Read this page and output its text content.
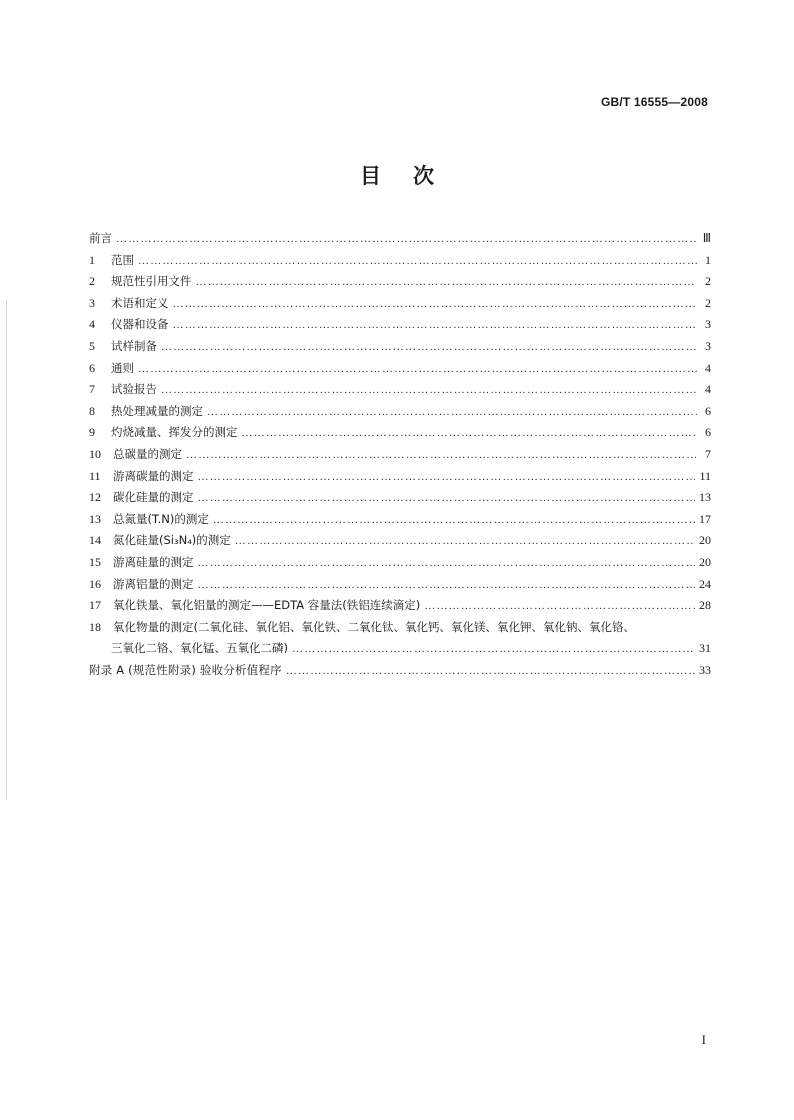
GB/T 16555—2008
目次
前言 ……………………………………………………………………………………………………………………………………………………………………………………………………………………	Ⅲ
1	范围 ……………………………………………………………………………………………………………………………………………………………………………………………………………………	1
2	规范性引用文件 ……………………………………………………………………………………………………………………………………………………………………………………………………………………	2
3	术语和定义 ……………………………………………………………………………………………………………………………………………………………………………………………………………………	2
4	仪器和设备 ……………………………………………………………………………………………………………………………………………………………………………………………………………………	3
5	试样制备 ……………………………………………………………………………………………………………………………………………………………………………………………………………………	3
6	通则 ……………………………………………………………………………………………………………………………………………………………………………………………………………………	4
7	试验报告 ……………………………………………………………………………………………………………………………………………………………………………………………………………………	4
8	热处理减量的测定 ……………………………………………………………………………………………………………………………………………………………………………………………………………………	6
9	灼烧减量、挥发分的测定 ……………………………………………………………………………………………………………………………………………………………………………………………………………………	6
10	总碳量的测定 ……………………………………………………………………………………………………………………………………………………………………………………………………………………	7
11	游离碳量的测定 ……………………………………………………………………………………………………………………………………………………………………………………………………………………	11
12	碳化硅量的测定 ……………………………………………………………………………………………………………………………………………………………………………………………………………………	13
13	总氮量(T.N)的测定 ……………………………………………………………………………………………………………………………………………………………………………………………………………………	17
14	氮化硅量(Si₃N₄)的测定 ……………………………………………………………………………………………………………………………………………………………………………………………………………………	20
15	游离硅量的测定 ……………………………………………………………………………………………………………………………………………………………………………………………………………………	20
16	游离铝量的测定 ……………………………………………………………………………………………………………………………………………………………………………………………………………………	24
17	氧化铁量、氧化铝量的测定——EDTA 容量法(铁铝连续滴定) ……………………………………………………………………………………………………………………………………………………………………………………………………………………	28
18	氧化物量的测定(二氧化硅、氧化铝、氧化铁、二氧化钛、氧化钙、氧化镁、氧化钾、氧化钠、氧化铬、
三氧化二铬、氧化锰、五氧化二磷) ……………………………………………………………………………………………………………………………………………………………………………………………………………………	31
附录 A (规范性附录) 验收分析值程序 ……………………………………………………………………………………………………………………………………………………………………………………………………………………	33
I
